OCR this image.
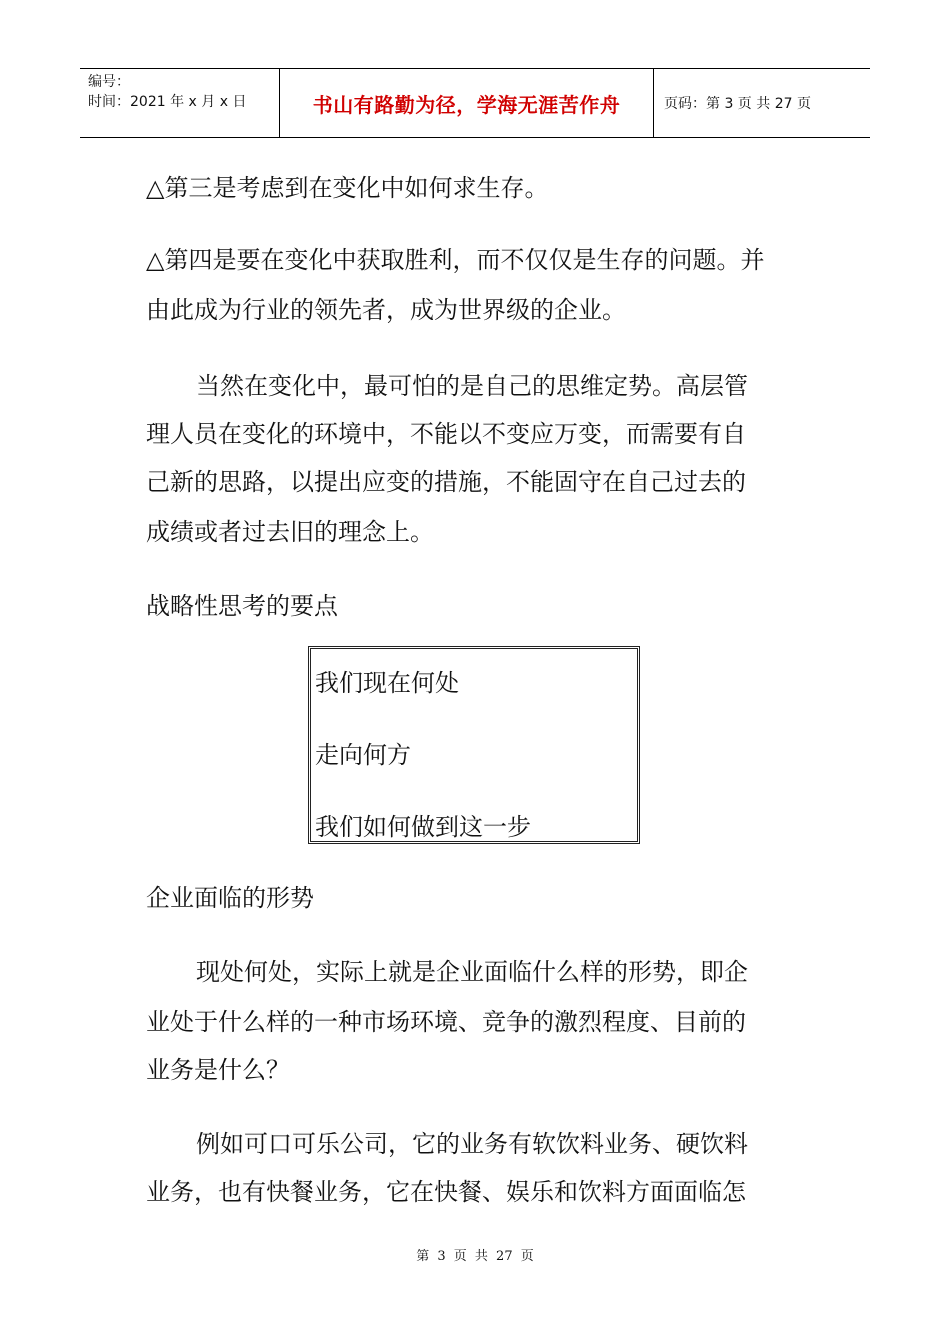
编号：
时间：2021 年 x 月 x 日	书山有路勤为径，学海无涯苦作舟	页码：第 3 页 共 27 页
△第三是考虑到在变化中如何求生存。
△第四是要在变化中获取胜利，而不仅仅是生存的问题。并
由此成为行业的领先者，成为世界级的企业。
当然在变化中，最可怕的是自己的思维定势。高层管
理人员在变化的环境中，不能以不变应万变，而需要有自
己新的思路，以提出应变的措施，不能固守在自己过去的
成绩或者过去旧的理念上。
战略性思考的要点
我们现在何处
走向何方
我们如何做到这一步
企业面临的形势
现处何处，实际上就是企业面临什么样的形势，即企
业处于什么样的一种市场环境、竞争的激烈程度、目前的
业务是什么？
例如可口可乐公司，它的业务有软饮料业务、硬饮料
业务，也有快餐业务，它在快餐、娱乐和饮料方面面临怎
第 3 页 共 27 页
